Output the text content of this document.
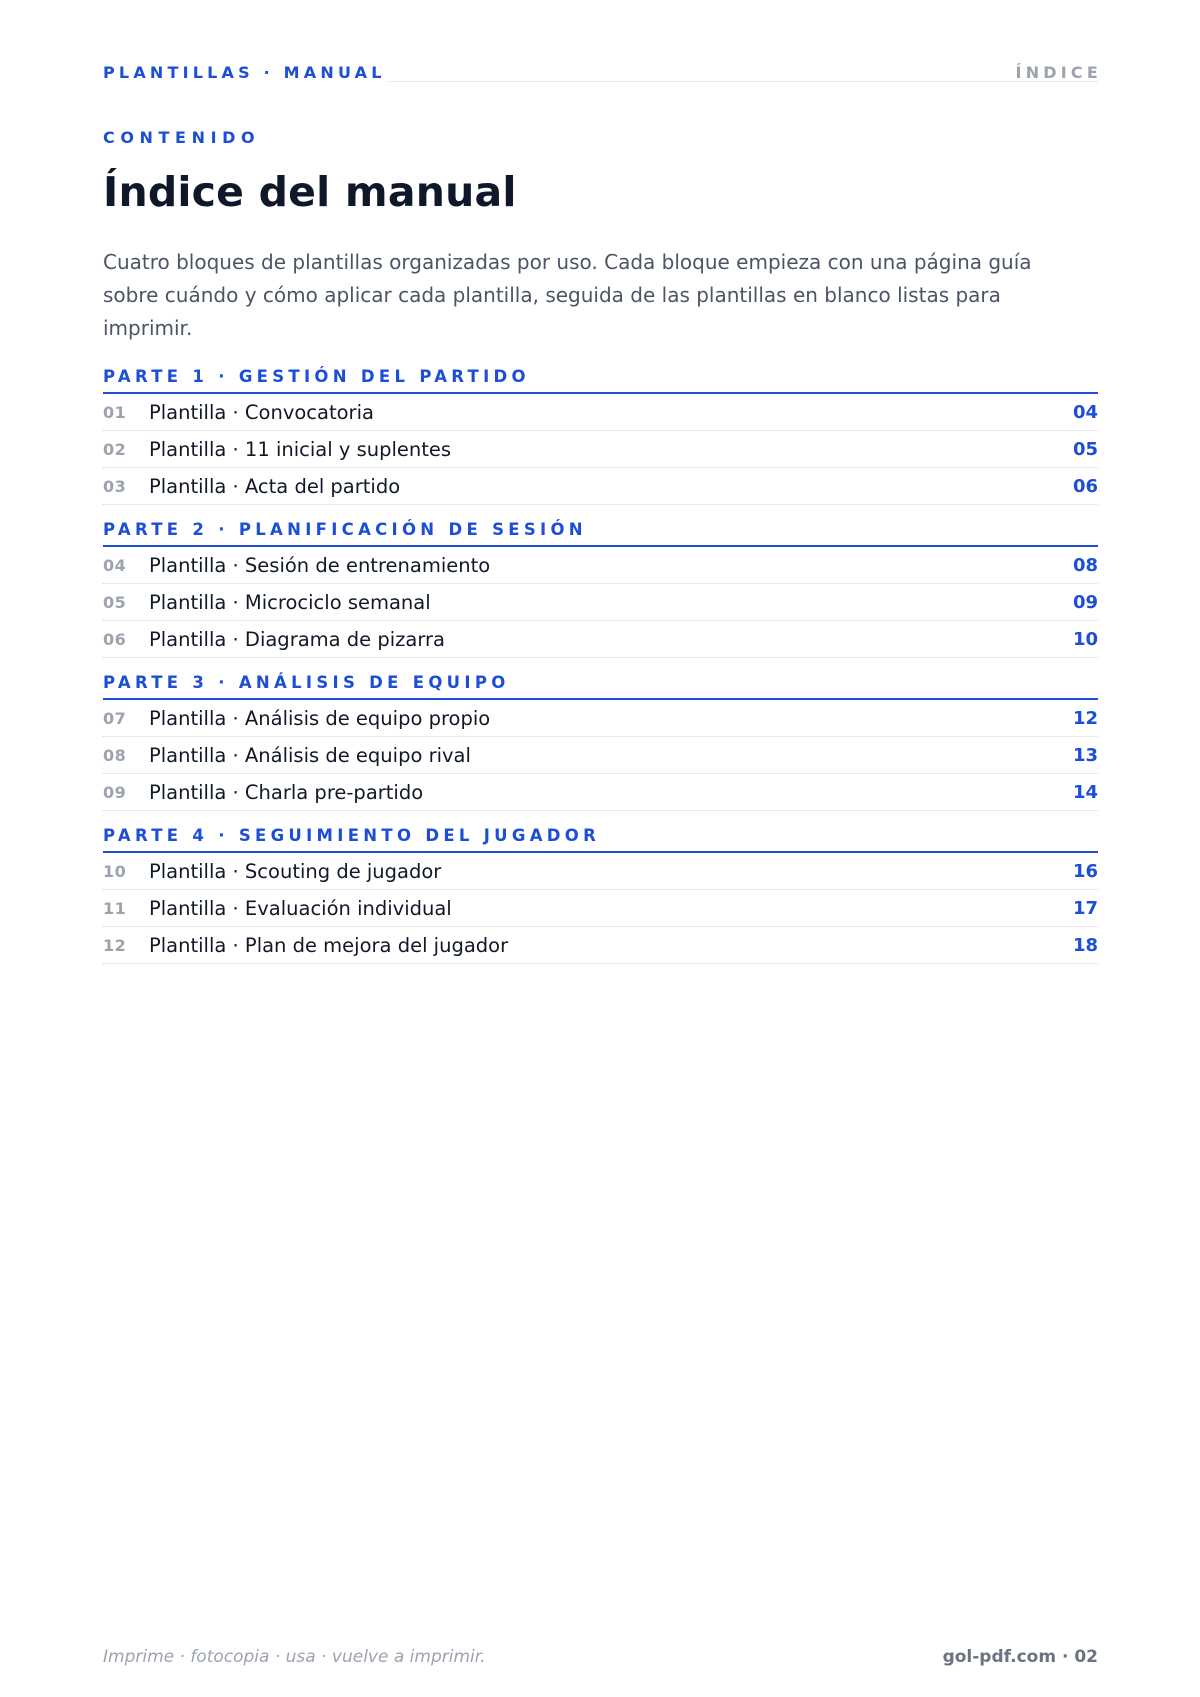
PLANTILLAS · MANUAL	ÍNDICE
CONTENIDO
Índice del manual

Cuatro bloques de plantillas organizadas por uso. Cada bloque empieza con una página guía sobre cuándo y cómo aplicar cada plantilla, seguida de las plantillas en blanco listas para imprimir.

PARTE 1 · GESTIÓN DEL PARTIDO
01	Plantilla · Convocatoria	04
02	Plantilla · 11 inicial y suplentes	05
03	Plantilla · Acta del partido	06
PARTE 2 · PLANIFICACIÓN DE SESIÓN
04	Plantilla · Sesión de entrenamiento	08
05	Plantilla · Microciclo semanal	09
06	Plantilla · Diagrama de pizarra	10
PARTE 3 · ANÁLISIS DE EQUIPO
07	Plantilla · Análisis de equipo propio	12
08	Plantilla · Análisis de equipo rival	13
09	Plantilla · Charla pre-partido	14
PARTE 4 · SEGUIMIENTO DEL JUGADOR
10	Plantilla · Scouting de jugador	16
11	Plantilla · Evaluación individual	17
12	Plantilla · Plan de mejora del jugador	18
Imprime · fotocopia · usa · vuelve a imprimir.	gol-pdf.com · 02
